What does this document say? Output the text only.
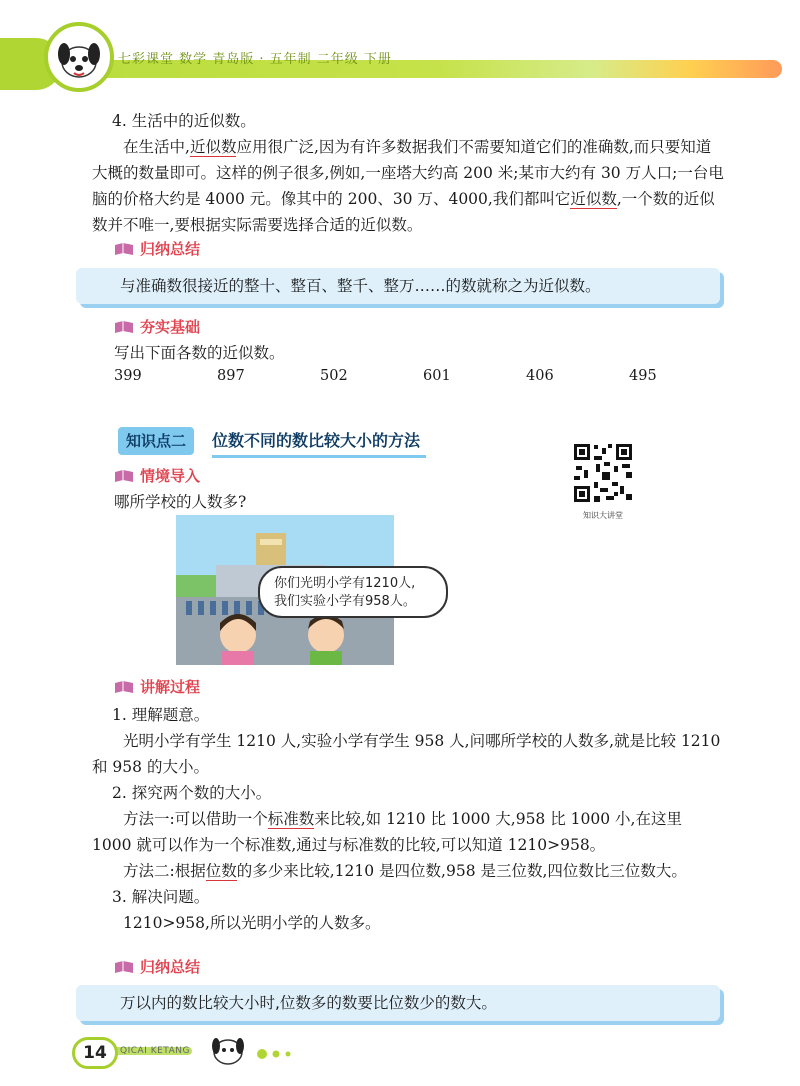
七彩课堂 数学 青岛版 · 五年制 二年级 下册

4. 生活中的近似数。

在生活中,近似数应用很广泛,因为有许多数据我们不需要知道它们的准确数,而只要知道大概的数量即可。这样的例子很多,例如,一座塔大约高 200 米;某市大约有 30 万人口;一台电脑的价格大约是 4000 元。像其中的 200、30 万、4000,我们都叫它近似数,一个数的近似数并不唯一,要根据实际需要选择合适的近似数。

归纳总结
与准确数很接近的整十、整百、整千、整万……的数就称之为近似数。
夯实基础

写出下面各数的近似数。

399	897	502	601	406	495
知识点二	位数不同的数比较大小的方法
知识大讲堂
情境导入

哪所学校的人数多?

你们光明小学有1210人,
我们实验小学有958人。
讲解过程

1. 理解题意。

光明小学有学生 1210 人,实验小学有学生 958 人,问哪所学校的人数多,就是比较 1210 和 958 的大小。

2. 探究两个数的大小。

方法一:可以借助一个标准数来比较,如 1210 比 1000 大,958 比 1000 小,在这里 1000 就可以作为一个标准数,通过与标准数的比较,可以知道 1210>958。

方法二:根据位数的多少来比较,1210 是四位数,958 是三位数,四位数比三位数大。

3. 解决问题。

1210>958,所以光明小学的人数多。

归纳总结
万以内的数比较大小时,位数多的数要比位数少的数大。
14	QICAI KETANG
